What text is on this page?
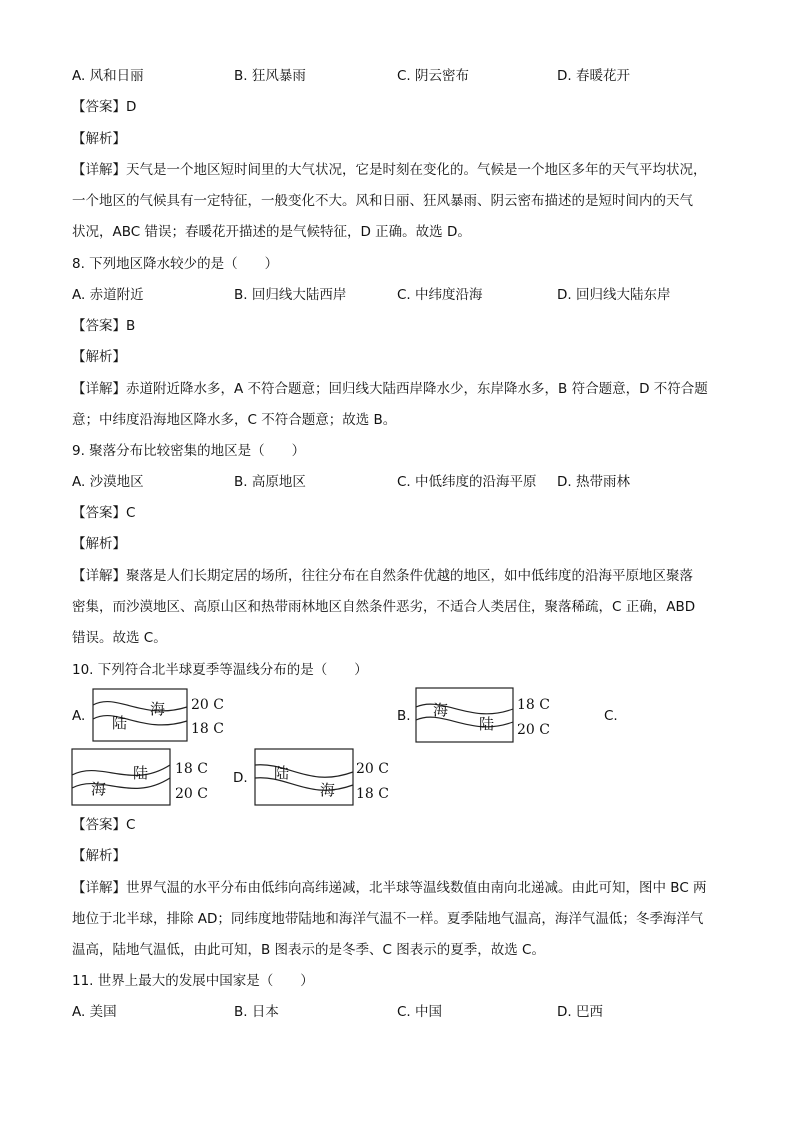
A. 风和日丽	B. 狂风暴雨	C. 阴云密布	D. 春暖花开
【答案】D
【解析】
【详解】天气是一个地区短时间里的大气状况，它是时刻在变化的。气候是一个地区多年的天气平均状况，
一个地区的气候具有一定特征，一般变化不大。风和日丽、狂风暴雨、阴云密布描述的是短时间内的天气
状况，ABC 错误；春暖花开描述的是气候特征，D 正确。故选 D。
8. 下列地区降水较少的是（　　）
A. 赤道附近	B. 回归线大陆西岸	C. 中纬度沿海	D. 回归线大陆东岸
【答案】B
【解析】
【详解】赤道附近降水多，A 不符合题意；回归线大陆西岸降水少，东岸降水多，B 符合题意，D 不符合题
意；中纬度沿海地区降水多，C 不符合题意；故选 B。
9. 聚落分布比较密集的地区是（　　）
A. 沙漠地区	B. 高原地区	C. 中低纬度的沿海平原 D. 热带雨林
【答案】C
【解析】
【详解】聚落是人们长期定居的场所，往往分布在自然条件优越的地区，如中低纬度的沿海平原地区聚落
密集，而沙漠地区、高原山区和热带雨林地区自然条件恶劣，不适合人类居住，聚落稀疏，C 正确，ABD
错误。故选 C。
10. 下列符合北半球夏季等温线分布的是（　　）
A. 陆
海 20 C
18 C
B. 海
陆
18 C
20 C
C.
海
陆 18 C
20 C
D. 陆
海
20 C
18 C
【答案】C
【解析】
【详解】世界气温的水平分布由低纬向高纬递减，北半球等温线数值由南向北递减。由此可知，图中 BC 两
地位于北半球，排除 AD；同纬度地带陆地和海洋气温不一样。夏季陆地气温高，海洋气温低；冬季海洋气
温高，陆地气温低，由此可知，B 图表示的是冬季、C 图表示的夏季，故选 C。
11. 世界上最大的发展中国家是（　　）
A. 美国	B. 日本	C. 中国	D. 巴西
